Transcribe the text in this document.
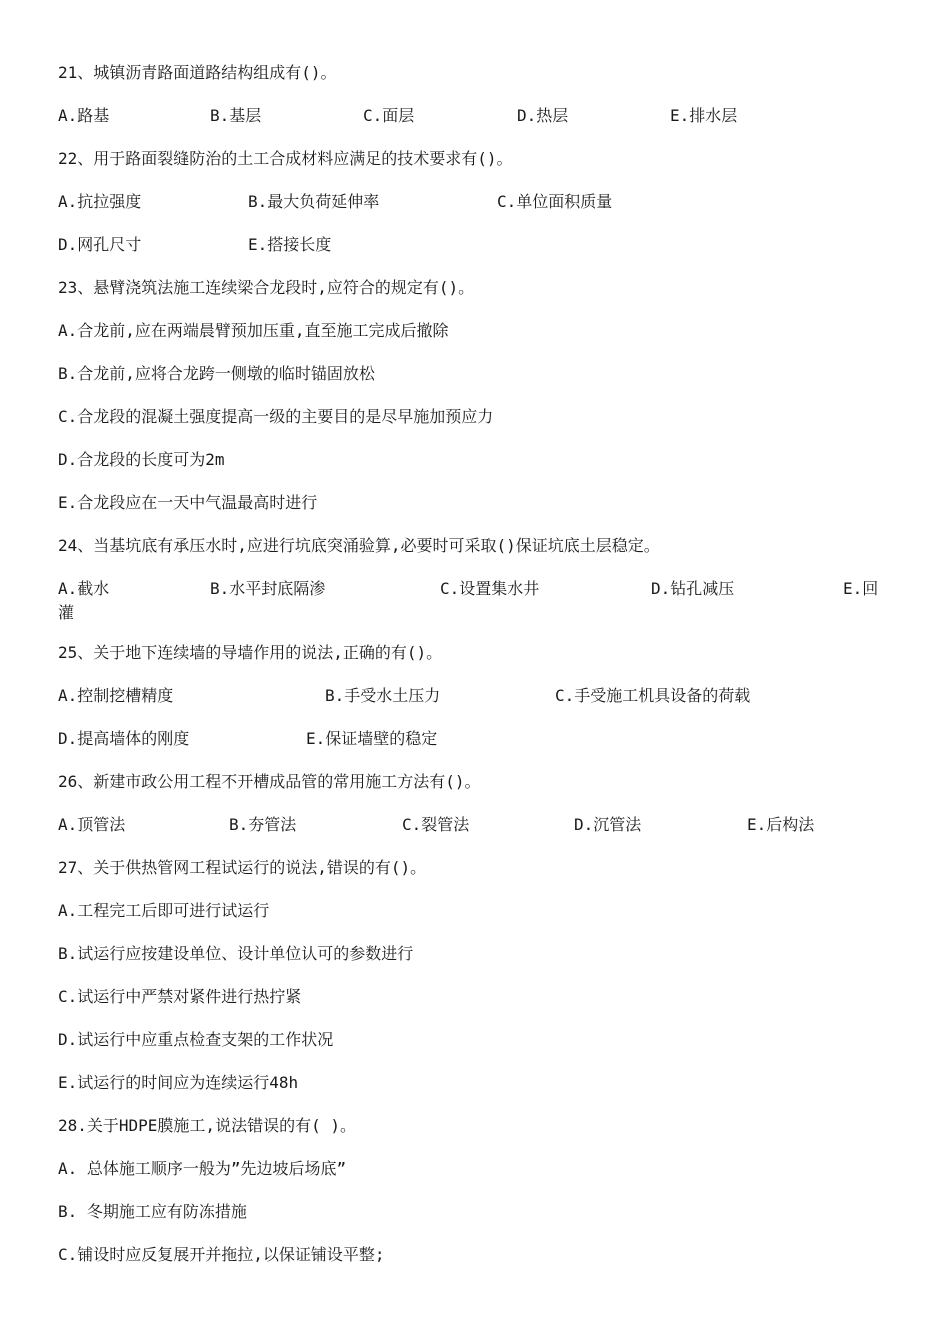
21、城镇沥青路面道路结构组成有()。
A.路基	B.基层	C.面层	D.热层	E.排水层
22、用于路面裂缝防治的土工合成材料应满足的技术要求有()。
A.抗拉强度	B.最大负荷延伸率	C.单位面积质量
D.网孔尺寸	E.搭接长度
23、悬臂浇筑法施工连续梁合龙段时,应符合的规定有()。
A.合龙前,应在两端晨臂预加压重,直至施工完成后撤除
B.合龙前,应将合龙跨一侧墩的临时锚固放松
C.合龙段的混凝土强度提高一级的主要目的是尽早施加预应力
D.合龙段的长度可为2m
E.合龙段应在一天中气温最高时进行
24、当基坑底有承压水时,应进行坑底突涌验算,必要时可采取()保证坑底土层稳定。
A.截水	B.水平封底隔渗	C.设置集水井	D.钻孔减压	E.回
灌
25、关于地下连续墙的导墙作用的说法,正确的有()。
A.控制挖槽精度	B.手受水土压力	C.手受施工机具设备的荷载
D.提高墙体的刚度	E.保证墙壁的稳定
26、新建市政公用工程不开槽成品管的常用施工方法有()。
A.顶管法	B.夯管法	C.裂管法	D.沉管法	E.后构法
27、关于供热管网工程试运行的说法,错误的有()。
A.工程完工后即可进行试运行
B.试运行应按建设单位、设计单位认可的参数进行
C.试运行中严禁对紧件进行热拧紧
D.试运行中应重点检查支架的工作状况
E.试运行的时间应为连续运行48h
28.关于HDPE膜施工,说法错误的有( )。
A. 总体施工顺序一般为”先边坡后场底”
B. 冬期施工应有防冻措施
C.铺设时应反复展开并拖拉,以保证铺设平整;
